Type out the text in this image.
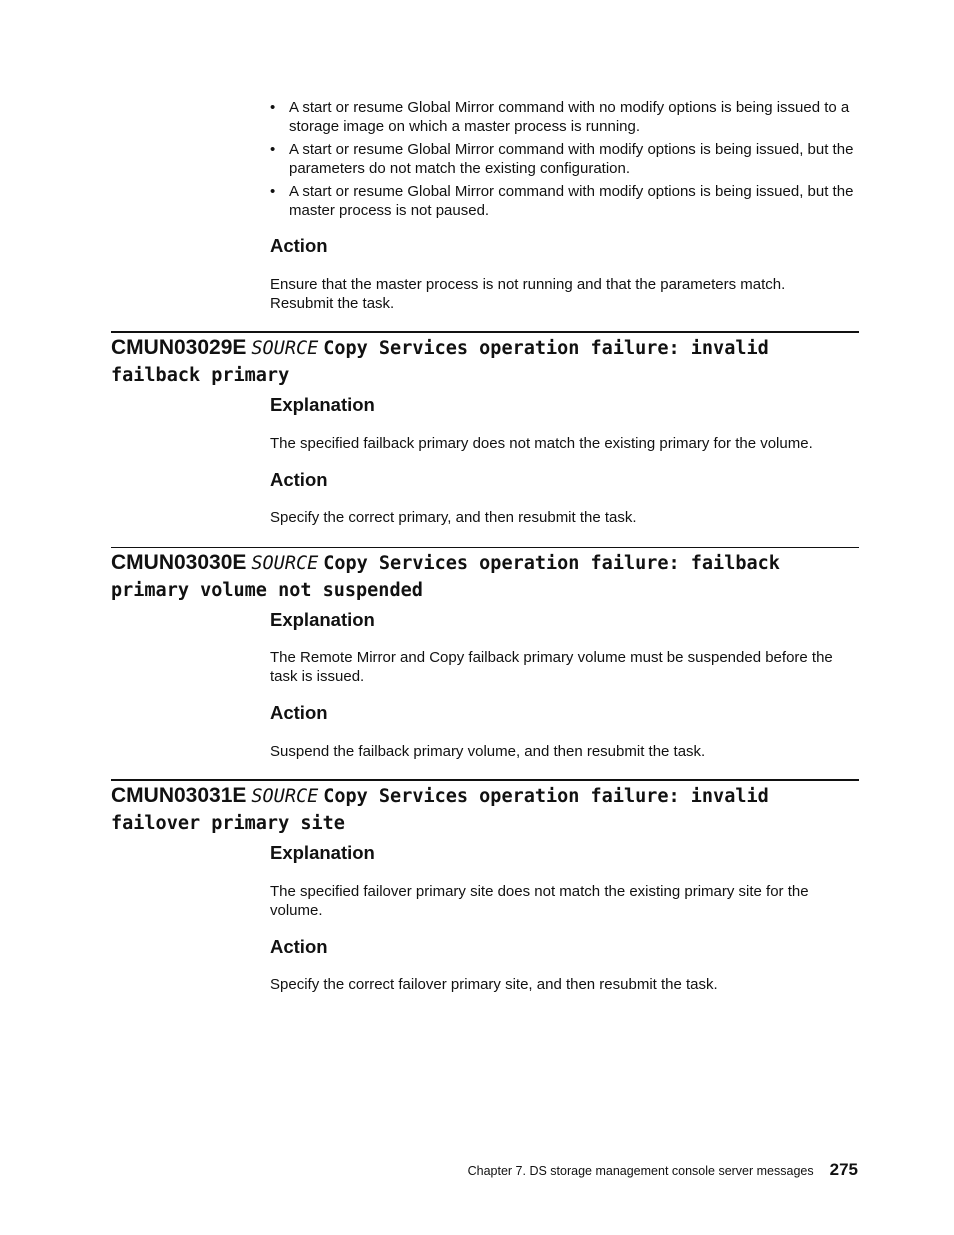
• A start or resume Global Mirror command with no modify options is being issued to a storage image on which a master process is running.
• A start or resume Global Mirror command with modify options is being issued, but the parameters do not match the existing configuration.
• A start or resume Global Mirror command with modify options is being issued, but the master process is not paused.
Action

Ensure that the master process is not running and that the parameters match. Resubmit the task.

CMUN03029E SOURCE Copy Services operation failure: invalid failback primary
Explanation

The specified failback primary does not match the existing primary for the volume.

Action

Specify the correct primary, and then resubmit the task.

CMUN03030E SOURCE Copy Services operation failure: failback primary volume not suspended
Explanation

The Remote Mirror and Copy failback primary volume must be suspended before the task is issued.

Action

Suspend the failback primary volume, and then resubmit the task.

CMUN03031E SOURCE Copy Services operation failure: invalid failover primary site
Explanation

The specified failover primary site does not match the existing primary site for the volume.

Action

Specify the correct failover primary site, and then resubmit the task.

Chapter 7. DS storage management console server messages 275
